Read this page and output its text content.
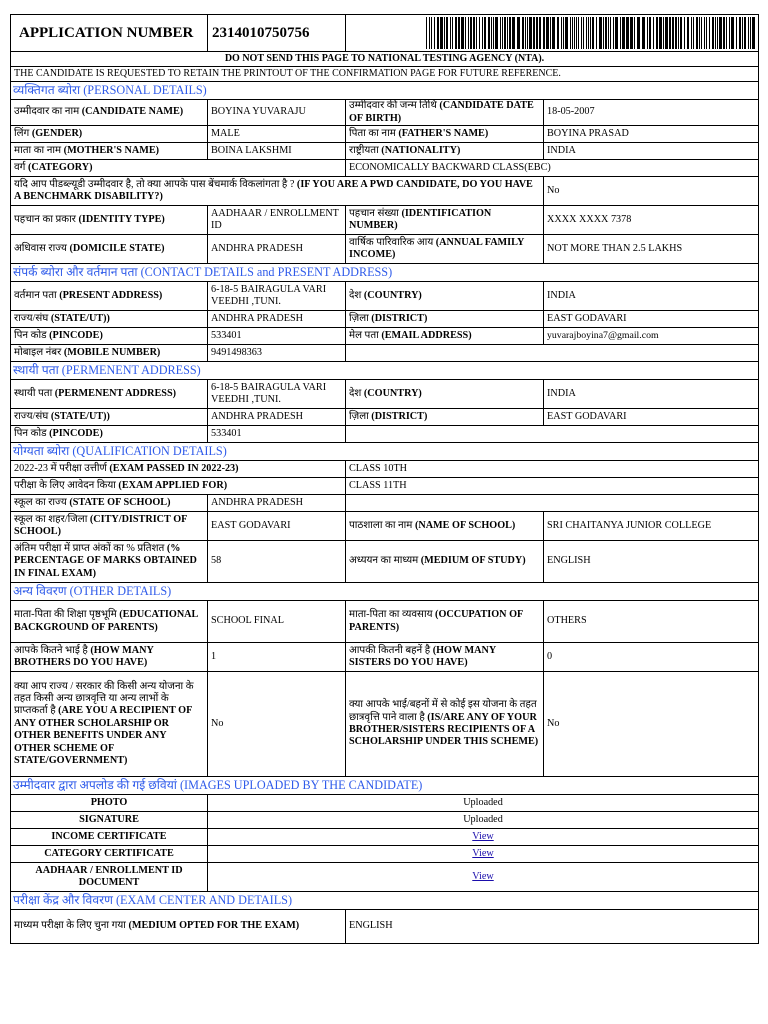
APPLICATION NUMBER	2314010750756	

DO NOT SEND THIS PAGE TO NATIONAL TESTING AGENCY (NTA).			
THE CANDIDATE IS REQUESTED TO RETAIN THE PRINTOUT OF THE CONFIRMATION PAGE FOR FUTURE REFERENCE.			
व्यक्तिगत ब्योरा (PERSONAL DETAILS)			
उम्मीदवार का नाम (CANDIDATE NAME)	BOYINA YUVARAJU	उम्मीदवार की जन्म तिथि (CANDIDATE DATE OF BIRTH)	18-05-2007
लिंग (GENDER)	MALE	पिता का नाम (FATHER'S NAME)	BOYINA PRASAD
माता का नाम (MOTHER'S NAME)	BOINA LAKSHMI	राष्ट्रीयता (NATIONALITY)	INDIA
वर्ग (CATEGORY)		ECONOMICALLY BACKWARD CLASS(EBC)	
यदि आप पीडब्ल्यूडी उम्मीदवार है, तो क्या आपके पास बेंचमार्क विकलांगता है ? (IF YOU ARE A PWD CANDIDATE, DO YOU HAVE A BENCHMARK DISABILITY?)			No
पहचान का प्रकार (IDENTITY TYPE)	AADHAAR / ENROLLMENT ID	पहचान संख्या (IDENTIFICATION NUMBER)	XXXX XXXX 7378
अधिवास राज्य (DOMICILE STATE)	ANDHRA PRADESH	वार्षिक पारिवारिक आय (ANNUAL FAMILY INCOME)	NOT MORE THAN 2.5 LAKHS
संपर्क ब्योरा और वर्तमान पता (CONTACT DETAILS and PRESENT ADDRESS)			
वर्तमान पता (PRESENT ADDRESS)	6-18-5 BAIRAGULA VARI VEEDHI ,TUNI.	देश (COUNTRY)	INDIA
राज्य/संघ (STATE/UT))	ANDHRA PRADESH	ज़िला (DISTRICT)	EAST GODAVARI
पिन कोड (PINCODE)	533401	मेल पता (EMAIL ADDRESS)	yuvarajboyina7@gmail.com
मोबाइल नंबर (MOBILE NUMBER)	9491498363		
स्थायी पता (PERMENENT ADDRESS)			
स्थायी पता (PERMENENT ADDRESS)	6-18-5 BAIRAGULA VARI VEEDHI ,TUNI.	देश (COUNTRY)	INDIA
राज्य/संघ (STATE/UT))	ANDHRA PRADESH	ज़िला (DISTRICT)	EAST GODAVARI
पिन कोड (PINCODE)	533401		
योग्यता ब्योरा (QUALIFICATION DETAILS)			
2022-23 में परीक्षा उत्तीर्ण (EXAM PASSED IN 2022-23)		CLASS 10TH	
परीक्षा के लिए आवेदन किया (EXAM APPLIED FOR)		CLASS 11TH	
स्कूल का राज्य (STATE OF SCHOOL)	ANDHRA PRADESH		
स्कूल का शहर/जिला (CITY/DISTRICT OF SCHOOL)	EAST GODAVARI	पाठशाला का नाम (NAME OF SCHOOL)	SRI CHAITANYA JUNIOR COLLEGE
अंतिम परीक्षा में प्राप्त अंकों का % प्रतिशत (% PERCENTAGE OF MARKS OBTAINED IN FINAL EXAM)	58	अध्ययन का माध्यम (MEDIUM OF STUDY)	ENGLISH
अन्य विवरण (OTHER DETAILS)			
माता-पिता की शिक्षा पृष्ठभूमि (EDUCATIONAL BACKGROUND OF PARENTS)	SCHOOL FINAL	माता-पिता का व्यवसाय (OCCUPATION OF PARENTS)	OTHERS
आपके कितने भाई है (HOW MANY BROTHERS DO YOU HAVE)	1	आपकी कितनी बहनें है (HOW MANY SISTERS DO YOU HAVE)	0
क्या आप राज्य / सरकार की किसी अन्य योजना के तहत किसी अन्य छात्रवृत्ति या अन्य लाभों के प्राप्तकर्ता है (ARE YOU A RECIPIENT OF ANY OTHER SCHOLARSHIP OR OTHER BENEFITS UNDER ANY OTHER SCHEME OF STATE/GOVERNMENT)	No	क्या आपके भाई/बहनों में से कोई इस योजना के तहत छात्रवृत्ति पाने वाला है (IS/ARE ANY OF YOUR BROTHER/SISTERS RECIPIENTS OF A SCHOLARSHIP UNDER THIS SCHEME)	No
उम्मीदवार द्वारा अपलोड की गई छवियां (IMAGES UPLOADED BY THE CANDIDATE)			
PHOTO	Uploaded		
SIGNATURE	Uploaded		
INCOME CERTIFICATE	View		
CATEGORY CERTIFICATE	View		
AADHAAR / ENROLLMENT ID DOCUMENT	View		
परीक्षा केंद्र और विवरण (EXAM CENTER AND DETAILS)			
माध्यम परीक्षा के लिए चुना गया (MEDIUM OPTED FOR THE EXAM)		ENGLISH	
